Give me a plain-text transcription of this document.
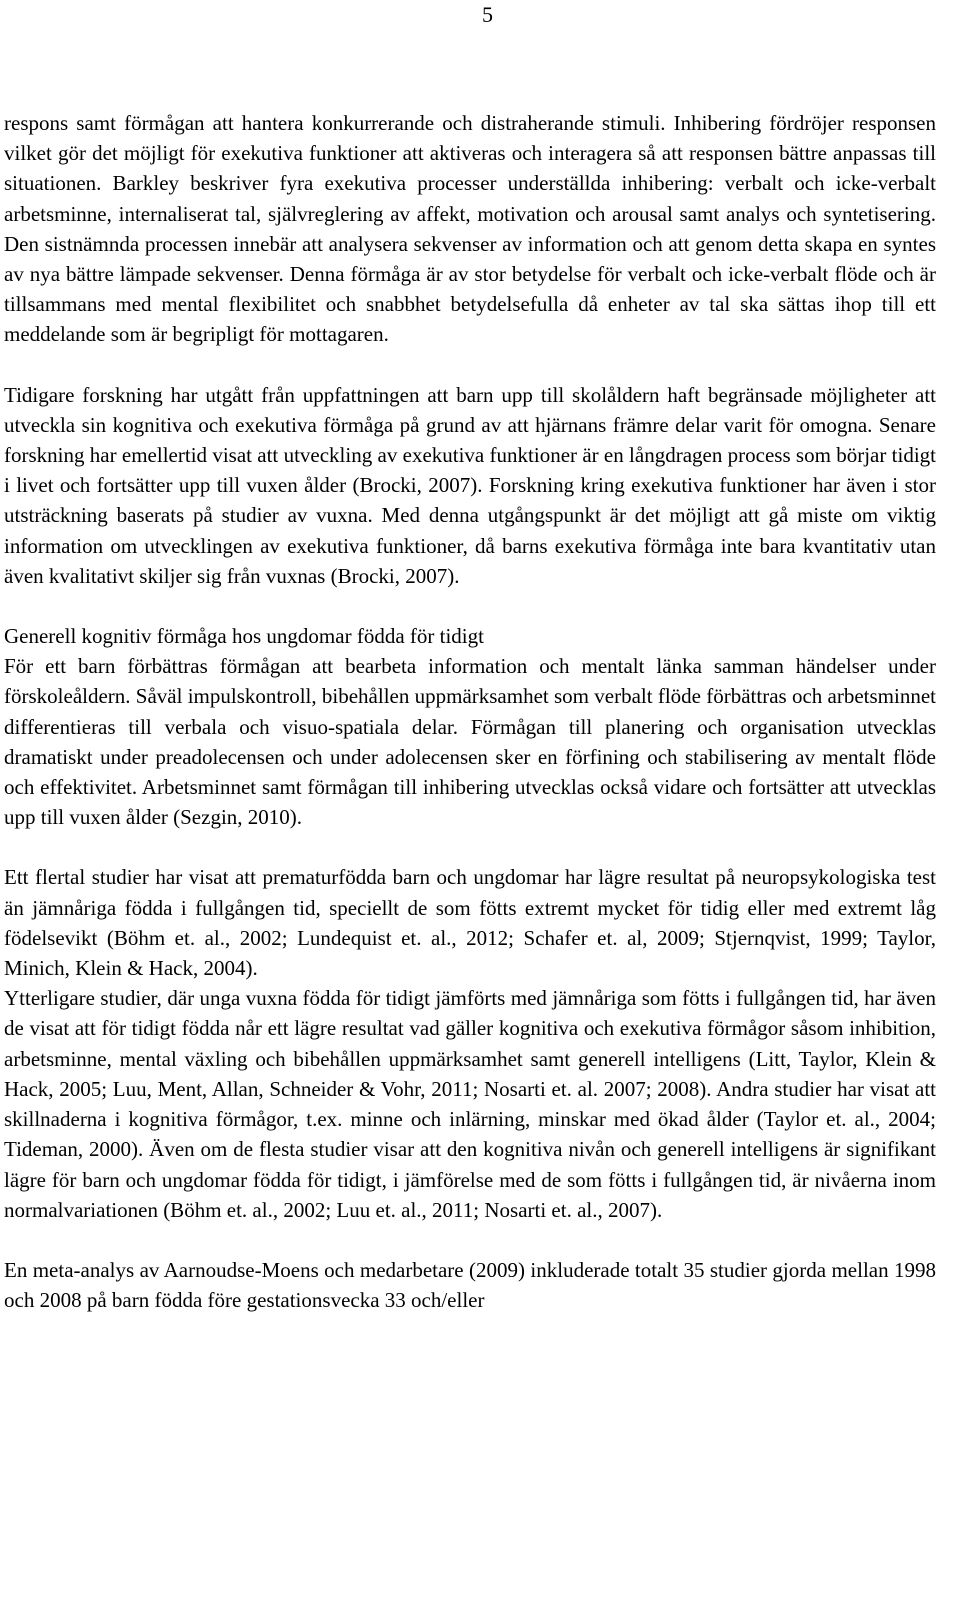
5

respons samt förmågan att hantera konkurrerande och distraherande stimuli. Inhibering fördröjer responsen vilket gör det möjligt för exekutiva funktioner att aktiveras och interagera så att responsen bättre anpassas till situationen. Barkley beskriver fyra exekutiva processer underställda inhibering: verbalt och icke-verbalt arbetsminne, internaliserat tal, självreglering av affekt, motivation och arousal samt analys och syntetisering. Den sistnämnda processen innebär att analysera sekvenser av information och att genom detta skapa en syntes av nya bättre lämpade sekvenser. Denna förmåga är av stor betydelse för verbalt och icke-verbalt flöde och är tillsammans med mental flexibilitet och snabbhet betydelsefulla då enheter av tal ska sättas ihop till ett meddelande som är begripligt för mottagaren.

Tidigare forskning har utgått från uppfattningen att barn upp till skolåldern haft begränsade möjligheter att utveckla sin kognitiva och exekutiva förmåga på grund av att hjärnans främre delar varit för omogna. Senare forskning har emellertid visat att utveckling av exekutiva funktioner är en långdragen process som börjar tidigt i livet och fortsätter upp till vuxen ålder (Brocki, 2007). Forskning kring exekutiva funktioner har även i stor utsträckning baserats på studier av vuxna. Med denna utgångspunkt är det möjligt att gå miste om viktig information om utvecklingen av exekutiva funktioner, då barns exekutiva förmåga inte bara kvantitativ utan även kvalitativt skiljer sig från vuxnas (Brocki, 2007).

Generell kognitiv förmåga hos ungdomar födda för tidigt

För ett barn förbättras förmågan att bearbeta information och mentalt länka samman händelser under förskoleåldern. Såväl impulskontroll, bibehållen uppmärksamhet som verbalt flöde förbättras och arbetsminnet differentieras till verbala och visuo-spatiala delar. Förmågan till planering och organisation utvecklas dramatiskt under preadolecensen och under adolecensen sker en förfining och stabilisering av mentalt flöde och effektivitet. Arbetsminnet samt förmågan till inhibering utvecklas också vidare och fortsätter att utvecklas upp till vuxen ålder (Sezgin, 2010).

Ett flertal studier har visat att prematurfödda barn och ungdomar har lägre resultat på neuropsykologiska test än jämnåriga födda i fullgången tid, speciellt de som fötts extremt mycket för tidig eller med extremt låg födelsevikt (Böhm et. al., 2002; Lundequist et. al., 2012; Schafer et. al, 2009; Stjernqvist, 1999; Taylor, Minich, Klein & Hack, 2004).

Ytterligare studier, där unga vuxna födda för tidigt jämförts med jämnåriga som fötts i fullgången tid, har även de visat att för tidigt födda når ett lägre resultat vad gäller kognitiva och exekutiva förmågor såsom inhibition, arbetsminne, mental växling och bibehållen uppmärksamhet samt generell intelligens (Litt, Taylor, Klein & Hack, 2005; Luu, Ment, Allan, Schneider & Vohr, 2011; Nosarti et. al. 2007; 2008). Andra studier har visat att skillnaderna i kognitiva förmågor, t.ex. minne och inlärning, minskar med ökad ålder (Taylor et. al., 2004; Tideman, 2000). Även om de flesta studier visar att den kognitiva nivån och generell intelligens är signifikant lägre för barn och ungdomar födda för tidigt, i jämförelse med de som fötts i fullgången tid, är nivåerna inom normalvariationen (Böhm et. al., 2002; Luu et. al., 2011; Nosarti et. al., 2007).

En meta-analys av Aarnoudse-Moens och medarbetare (2009) inkluderade totalt 35 studier gjorda mellan 1998 och 2008 på barn födda före gestationsveckа 33 och/eller
